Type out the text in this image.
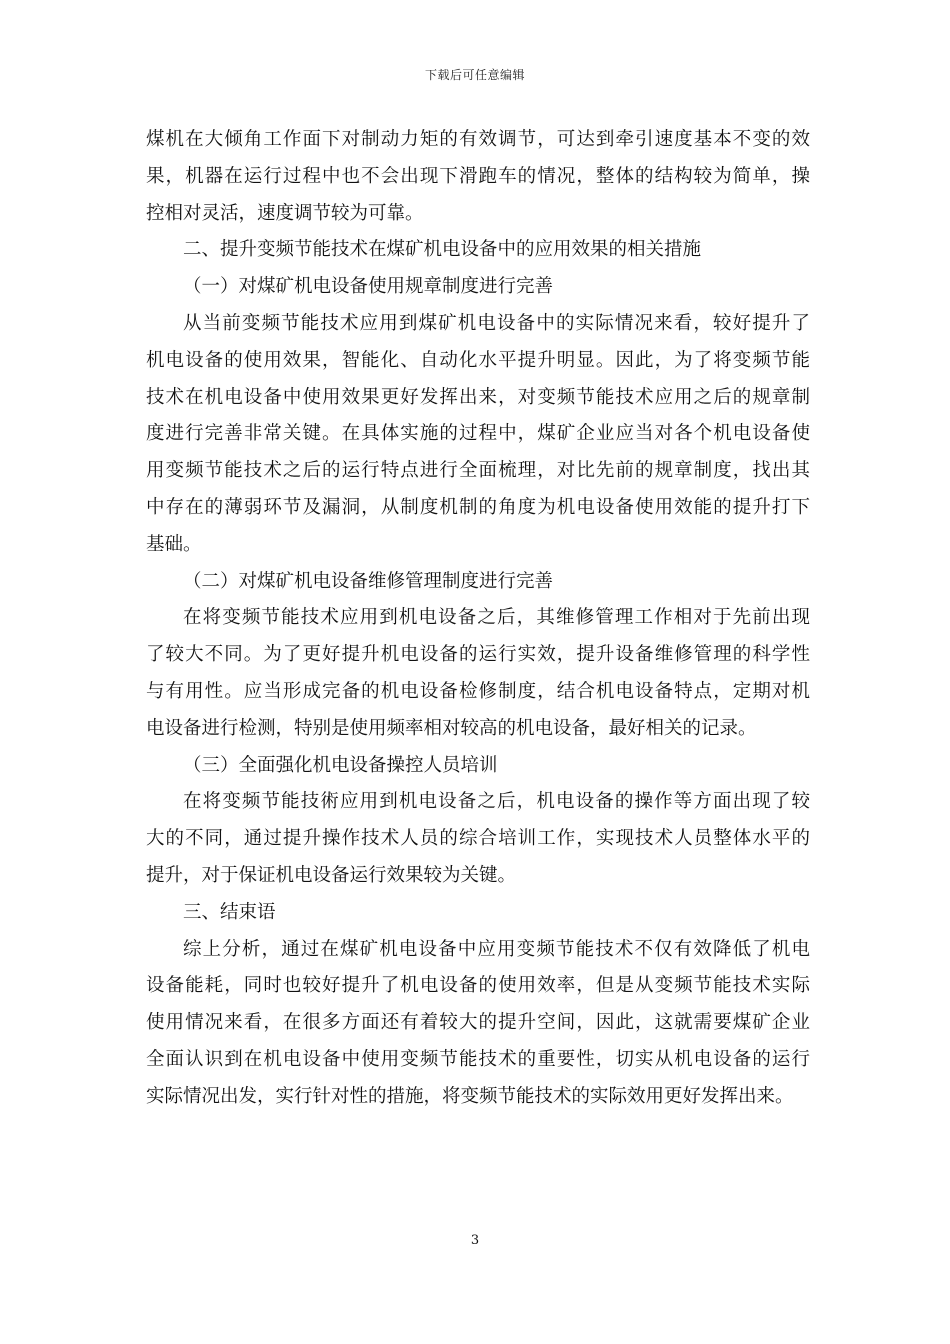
下载后可任意编辑
煤机在大倾角工作面下对制动力矩的有效调节，可达到牵引速度基本不变的效
果，机器在运行过程中也不会出现下滑跑车的情况，整体的结构较为简单，操
控相对灵活，速度调节较为可靠。
二、提升变频节能技术在煤矿机电设备中的应用效果的相关措施
（一）对煤矿机电设备使用规章制度进行完善
从当前变频节能技术应用到煤矿机电设备中的实际情况来看，较好提升了
机电设备的使用效果，智能化、自动化水平提升明显。因此，为了将变频节能
技术在机电设备中使用效果更好发挥出来，对变频节能技术应用之后的规章制
度进行完善非常关键。在具体实施的过程中，煤矿企业应当对各个机电设备使
用变频节能技术之后的运行特点进行全面梳理，对比先前的规章制度，找出其
中存在的薄弱环节及漏洞，从制度机制的角度为机电设备使用效能的提升打下
基础。
（二）对煤矿机电设备维修管理制度进行完善
在将变频节能技术应用到机电设备之后，其维修管理工作相对于先前出现
了较大不同。为了更好提升机电设备的运行实效，提升设备维修管理的科学性
与有用性。应当形成完备的机电设备检修制度，结合机电设备特点，定期对机
电设备进行检测，特别是使用频率相对较高的机电设备，最好相关的记录。
（三）全面强化机电设备操控人员培训
在将变频节能技術应用到机电设备之后，机电设备的操作等方面出现了较
大的不同，通过提升操作技术人员的综合培训工作，实现技术人员整体水平的
提升，对于保证机电设备运行效果较为关键。
三、结束语
综上分析，通过在煤矿机电设备中应用变频节能技术不仅有效降低了机电
设备能耗，同时也较好提升了机电设备的使用效率，但是从变频节能技术实际
使用情况来看，在很多方面还有着较大的提升空间，因此，这就需要煤矿企业
全面认识到在机电设备中使用变频节能技术的重要性，切实从机电设备的运行
实际情况出发，实行针对性的措施，将变频节能技术的实际效用更好发挥出来。
3
